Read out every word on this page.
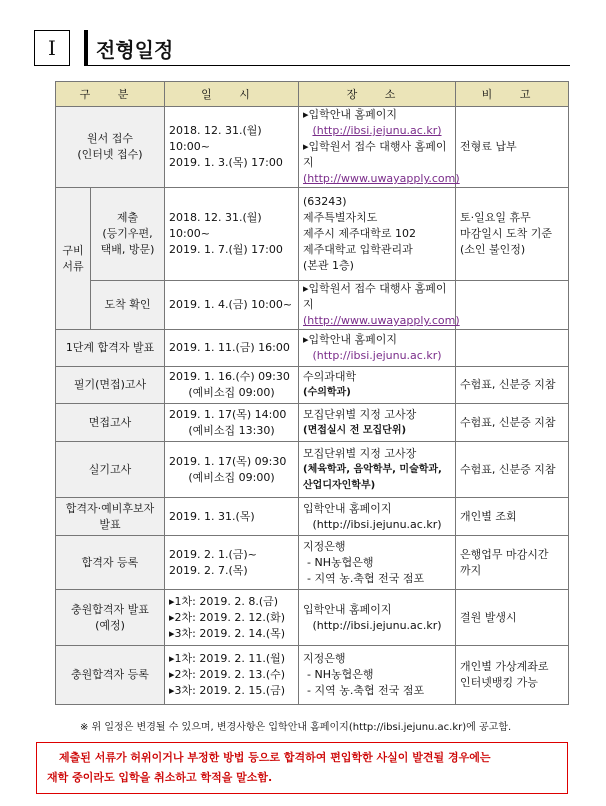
I	전형일정
구 분		일 시	장 소	비 고

원서 접수
(인터넷 접수)		2018. 12. 31.(월) 10:00~
2019. 1. 3.(목) 17:00	▸입학안내 홈페이지
(http://ibsi.jejunu.ac.kr)
▸입학원서 접수 대행사 홈페이지
(http://www.uwayapply.com)	전형료 납부

구비
서류	제출
(등기우편,
택배, 방문)	2018. 12. 31.(월) 10:00~
2019. 1. 7.(월) 17:00	(63243)
제주특별자치도
제주시 제주대학로 102
제주대학교 입학관리과
(본관 1층)	토·일요일 휴무
마감일시 도착 기준
(소인 불인정)

	도착 확인	2019. 1. 4.(금) 10:00~	▸입학원서 접수 대행사 홈페이지
(http://www.uwayapply.com)	

1단계 합격자 발표		2019. 1. 11.(금) 16:00	▸입학안내 홈페이지
(http://ibsi.jejunu.ac.kr)	

필기(면접)고사		2019. 1. 16.(수) 09:30
(예비소집 09:00)	수의과대학
(수의학과)	수험표, 신분증 지참
면접고사		2019. 1. 17(목) 14:00
(예비소집 13:30)	모집단위별 지정 고사장
(면접실시 전 모집단위)	수험표, 신분증 지참
실기고사		2019. 1. 17(목) 09:30
(예비소집 09:00)	모집단위별 지정 고사장
(체육학과, 음악학부, 미술학과,
산업디자인학부)	수험표, 신분증 지참

합격자·예비후보자
발표		2019. 1. 31.(목)	입학안내 홈페이지
(http://ibsi.jejunu.ac.kr)	개인별 조회
합격자 등록		2019. 2. 1.(금)~
2019. 2. 7.(목)	지정은행
- NH농협은행
- 지역 농.축협 전국 점포	은행업무 마감시간
까지

충원합격자 발표
(예정)		▸1차: 2019. 2. 8.(금)
▸2차: 2019. 2. 12.(화)
▸3차: 2019. 2. 14.(목)	입학안내 홈페이지
(http://ibsi.jejunu.ac.kr)	결원 발생시
충원합격자 등록		▸1차: 2019. 2. 11.(월)
▸2차: 2019. 2. 13.(수)
▸3차: 2019. 2. 15.(금)	지정은행
- NH농협은행
- 지역 농.축협 전국 점포	개인별 가상계좌로
인터넷뱅킹 가능
※ 위 일정은 변경될 수 있으며, 변경사항은 입학안내 홈페이지(http://ibsi.jejunu.ac.kr)에 공고함.
제출된 서류가 허위이거나 부정한 방법 등으로 합격하여 편입학한 사실이 발견될 경우에는
재학 중이라도 입학을 취소하고 학적을 말소함.
